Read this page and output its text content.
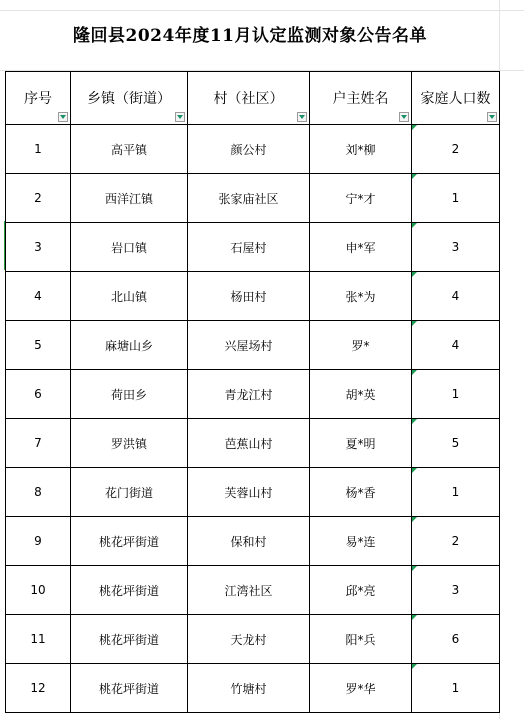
隆回县2024年度11月认定监测对象公告名单
序号	乡镇（街道）	村（社区）	户主姓名	家庭人口数

1	高平镇	颜公村	刘*柳	2
2	西洋江镇	张家庙社区	宁*才	1
3	岩口镇	石屋村	申*军	3
4	北山镇	杨田村	张*为	4
5	麻塘山乡	兴屋场村	罗*	4
6	荷田乡	青龙江村	胡*英	1
7	罗洪镇	芭蕉山村	夏*明	5
8	花门街道	芙蓉山村	杨*香	1
9	桃花坪街道	保和村	易*连	2
10	桃花坪街道	江湾社区	邱*亮	3
11	桃花坪街道	天龙村	阳*兵	6
12	桃花坪街道	竹塘村	罗*华	1
